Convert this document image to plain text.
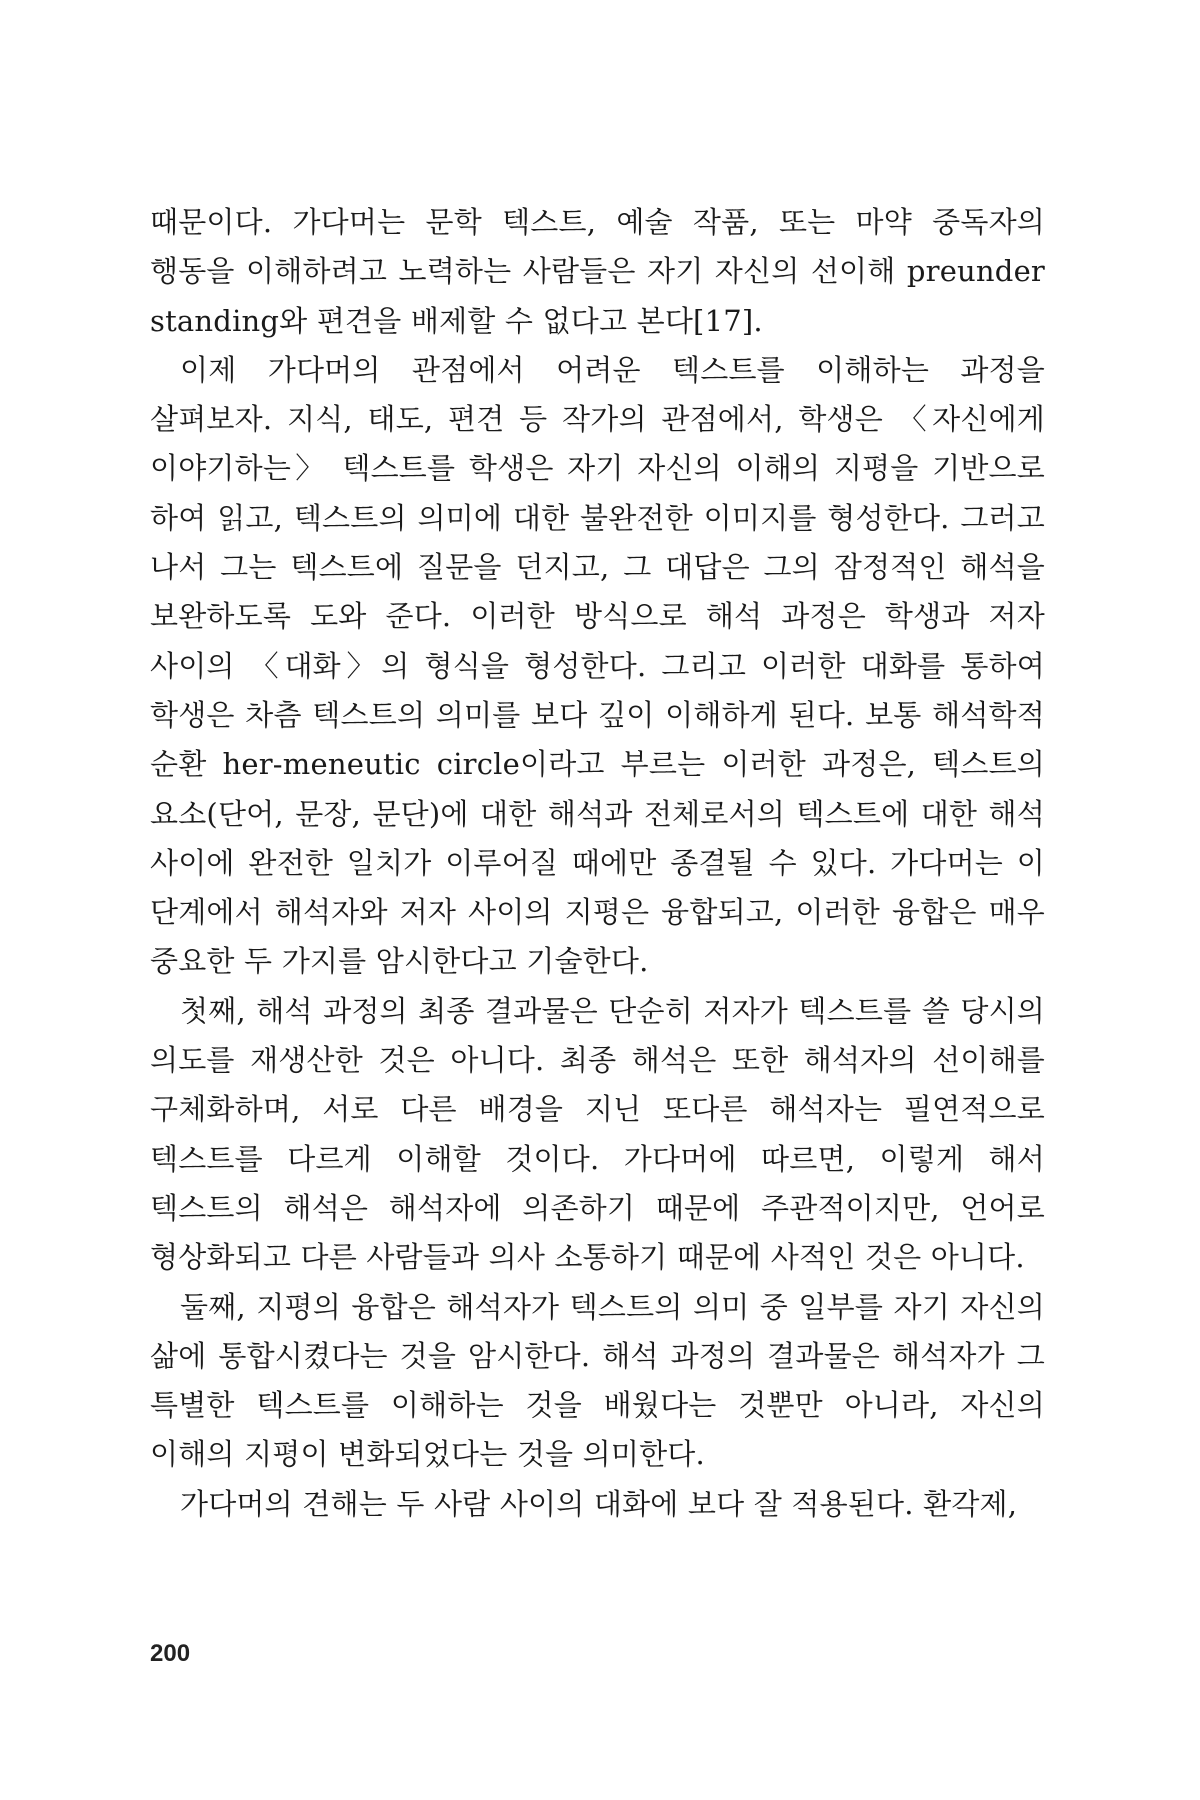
때문이다. 가다머는 문학 텍스트, 예술 작품, 또는 마약 중독자의 행동을 이해하려고 노력하는 사람들은 자기 자신의 선이해 preunder standing와 편견을 배제할 수 없다고 본다[17].

이제 가다머의 관점에서 어려운 텍스트를 이해하는 과정을 살펴보자. 지식, 태도, 편견 등 작가의 관점에서, 학생은 〈자신에게 이야기하는〉 텍스트를 학생은 자기 자신의 이해의 지평을 기반으로 하여 읽고, 텍스트의 의미에 대한 불완전한 이미지를 형성한다. 그러고 나서 그는 텍스트에 질문을 던지고, 그 대답은 그의 잠정적인 해석을 보완하도록 도와 준다. 이러한 방식으로 해석 과정은 학생과 저자 사이의 〈대화〉의 형식을 형성한다. 그리고 이러한 대화를 통하여 학생은 차츰 텍스트의 의미를 보다 깊이 이해하게 된다. 보통 해석학적 순환 her-meneutic circle이라고 부르는 이러한 과정은, 텍스트의 요소(단어, 문장, 문단)에 대한 해석과 전체로서의 텍스트에 대한 해석 사이에 완전한 일치가 이루어질 때에만 종결될 수 있다. 가다머는 이 단계에서 해석자와 저자 사이의 지평은 융합되고, 이러한 융합은 매우 중요한 두 가지를 암시한다고 기술한다.

첫째, 해석 과정의 최종 결과물은 단순히 저자가 텍스트를 쓸 당시의 의도를 재생산한 것은 아니다. 최종 해석은 또한 해석자의 선이해를 구체화하며, 서로 다른 배경을 지닌 또다른 해석자는 필연적으로 텍스트를 다르게 이해할 것이다. 가다머에 따르면, 이렇게 해서 텍스트의 해석은 해석자에 의존하기 때문에 주관적이지만, 언어로 형상화되고 다른 사람들과 의사 소통하기 때문에 사적인 것은 아니다.

둘째, 지평의 융합은 해석자가 텍스트의 의미 중 일부를 자기 자신의 삶에 통합시켰다는 것을 암시한다. 해석 과정의 결과물은 해석자가 그 특별한 텍스트를 이해하는 것을 배웠다는 것뿐만 아니라, 자신의 이해의 지평이 변화되었다는 것을 의미한다.

가다머의 견해는 두 사람 사이의 대화에 보다 잘 적용된다. 환각제,

200
